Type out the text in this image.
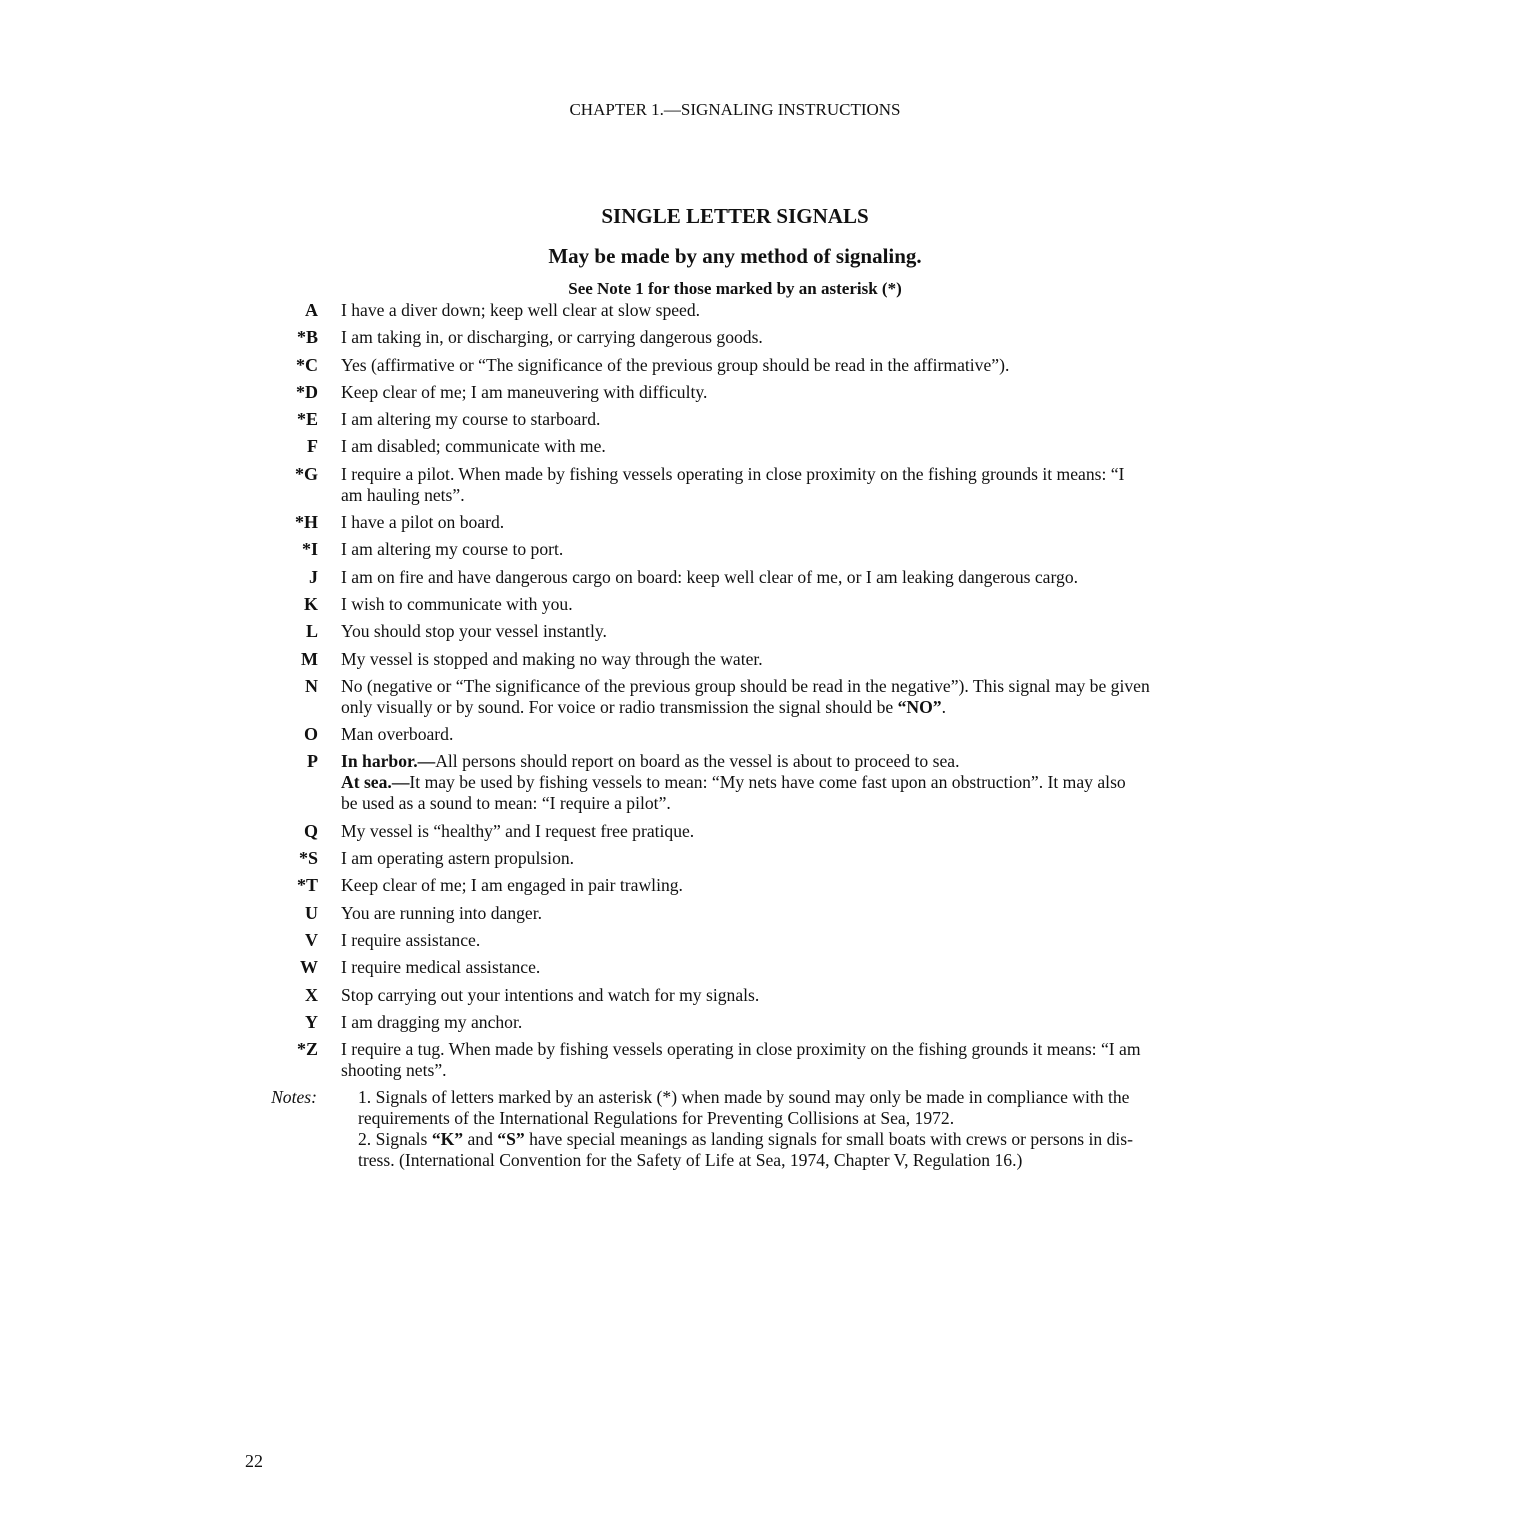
CHAPTER 1.—SIGNALING INSTRUCTIONS
SINGLE LETTER SIGNALS
May be made by any method of signaling.
See Note 1 for those marked by an asterisk (*)
A I have a diver down; keep well clear at slow speed.
*B I am taking in, or discharging, or carrying dangerous goods.
*C Yes (affirmative or “The significance of the previous group should be read in the affirmative”).
*D Keep clear of me; I am maneuvering with difficulty.
*E I am altering my course to starboard.
F I am disabled; communicate with me.
*G I require a pilot. When made by fishing vessels operating in close proximity on the fishing grounds it means: “I
am hauling nets”.
*H I have a pilot on board.
*I I am altering my course to port.
J I am on fire and have dangerous cargo on board: keep well clear of me, or I am leaking dangerous cargo.
K I wish to communicate with you.
L You should stop your vessel instantly.
M My vessel is stopped and making no way through the water.
N No (negative or “The significance of the previous group should be read in the negative”). This signal may be given
only visually or by sound. For voice or radio transmission the signal should be “NO”.
O Man overboard.
P In harbor.—All persons should report on board as the vessel is about to proceed to sea.
At sea.—It may be used by fishing vessels to mean: “My nets have come fast upon an obstruction”. It may also
be used as a sound to mean: “I require a pilot”.
Q My vessel is “healthy” and I request free pratique.
*S I am operating astern propulsion.
*T Keep clear of me; I am engaged in pair trawling.
U You are running into danger.
V I require assistance.
W I require medical assistance.
X Stop carrying out your intentions and watch for my signals.
Y I am dragging my anchor.
*Z I require a tug. When made by fishing vessels operating in close proximity on the fishing grounds it means: “I am
shooting nets”.
Notes: 1. Signals of letters marked by an asterisk (*) when made by sound may only be made in compliance with the
requirements of the International Regulations for Preventing Collisions at Sea, 1972.
2. Signals “K” and “S” have special meanings as landing signals for small boats with crews or persons in dis-
tress. (International Convention for the Safety of Life at Sea, 1974, Chapter V, Regulation 16.)
22
